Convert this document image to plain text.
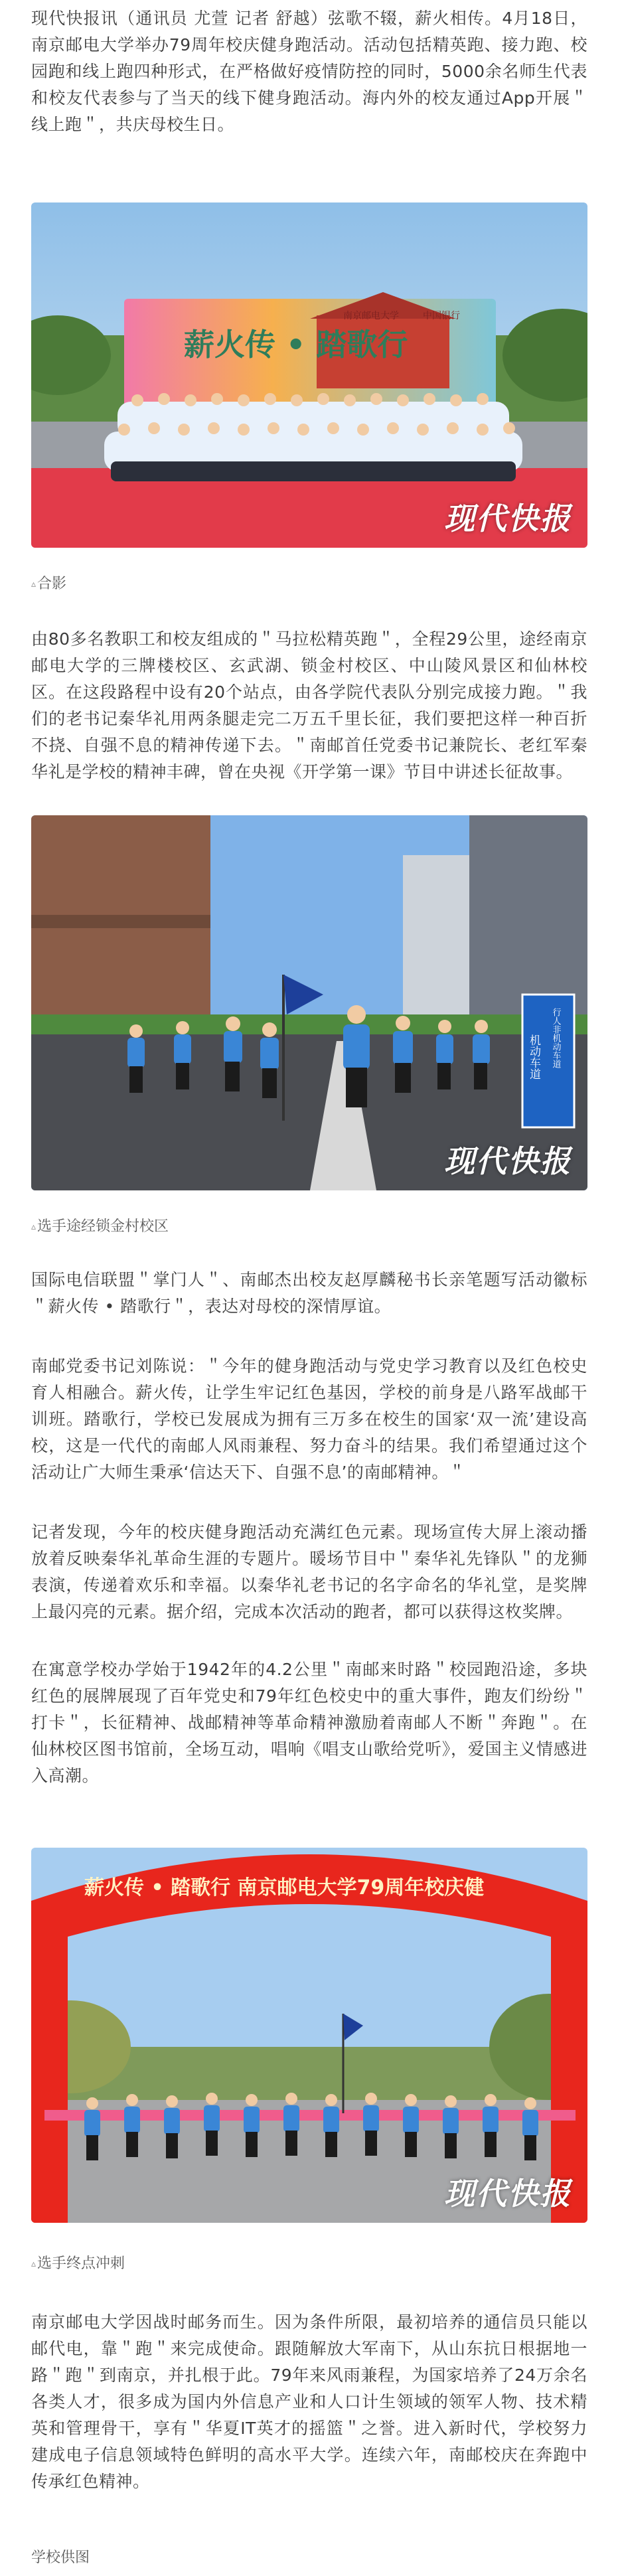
现代快报讯（通讯员 尤萱 记者 舒越）弦歌不辍，薪火相传。4月18日，南京邮电大学举办79周年校庆健身跑活动。活动包括精英跑、接力跑、校园跑和线上跑四种形式，在严格做好疫情防控的同时，5000余名师生代表和校友代表参与了当天的线下健身跑活动。海内外的校友通过App开展＂线上跑＂，共庆母校生日。

薪火传 • 踏歌行
南京邮电大学	中国银行
现代快报
▵合影

由80多名教职工和校友组成的＂马拉松精英跑＂，全程29公里，途经南京邮电大学的三牌楼校区、玄武湖、锁金村校区、中山陵风景区和仙林校区。在这段路程中设有20个站点，由各学院代表队分别完成接力跑。＂我们的老书记秦华礼用两条腿走完二万五千里长征，我们要把这样一种百折不挠、自强不息的精神传递下去。＂南邮首任党委书记兼院长、老红军秦华礼是学校的精神丰碑，曾在央视《开学第一课》节目中讲述长征故事。

机动车道 行人非机动车道
现代快报
▵选手途经锁金村校区

国际电信联盟＂掌门人＂、南邮杰出校友赵厚麟秘书长亲笔题写活动徽标＂薪火传 • 踏歌行＂，表达对母校的深情厚谊。

南邮党委书记刘陈说：＂今年的健身跑活动与党史学习教育以及红色校史育人相融合。薪火传，让学生牢记红色基因，学校的前身是八路军战邮干训班。踏歌行，学校已发展成为拥有三万多在校生的国家‘双一流’建设高校，这是一代代的南邮人风雨兼程、努力奋斗的结果。我们希望通过这个活动让广大师生秉承‘信达天下、自强不息’的南邮精神。＂

记者发现，今年的校庆健身跑活动充满红色元素。现场宣传大屏上滚动播放着反映秦华礼革命生涯的专题片。暖场节目中＂秦华礼先锋队＂的龙狮表演，传递着欢乐和幸福。以秦华礼老书记的名字命名的华礼堂，是奖牌上最闪亮的元素。据介绍，完成本次活动的跑者，都可以获得这枚奖牌。

在寓意学校办学始于1942年的4.2公里＂南邮来时路＂校园跑沿途，多块红色的展牌展现了百年党史和79年红色校史中的重大事件，跑友们纷纷＂打卡＂，长征精神、战邮精神等革命精神激励着南邮人不断＂奔跑＂。在仙林校区图书馆前，全场互动，唱响《唱支山歌给党听》，爱国主义情感进入高潮。

薪火传 • 踏歌行 南京邮电大学79周年校庆健
现代快报
▵选手终点冲刺

南京邮电大学因战时邮务而生。因为条件所限，最初培养的通信员只能以邮代电，靠＂跑＂来完成使命。跟随解放大军南下，从山东抗日根据地一路＂跑＂到南京，并扎根于此。79年来风雨兼程，为国家培养了24万余名各类人才，很多成为国内外信息产业和人口计生领域的领军人物、技术精英和管理骨干，享有＂华夏IT英才的摇篮＂之誉。进入新时代，学校努力建成电子信息领域特色鲜明的高水平大学。连续六年，南邮校庆在奔跑中传承红色精神。

学校供图
